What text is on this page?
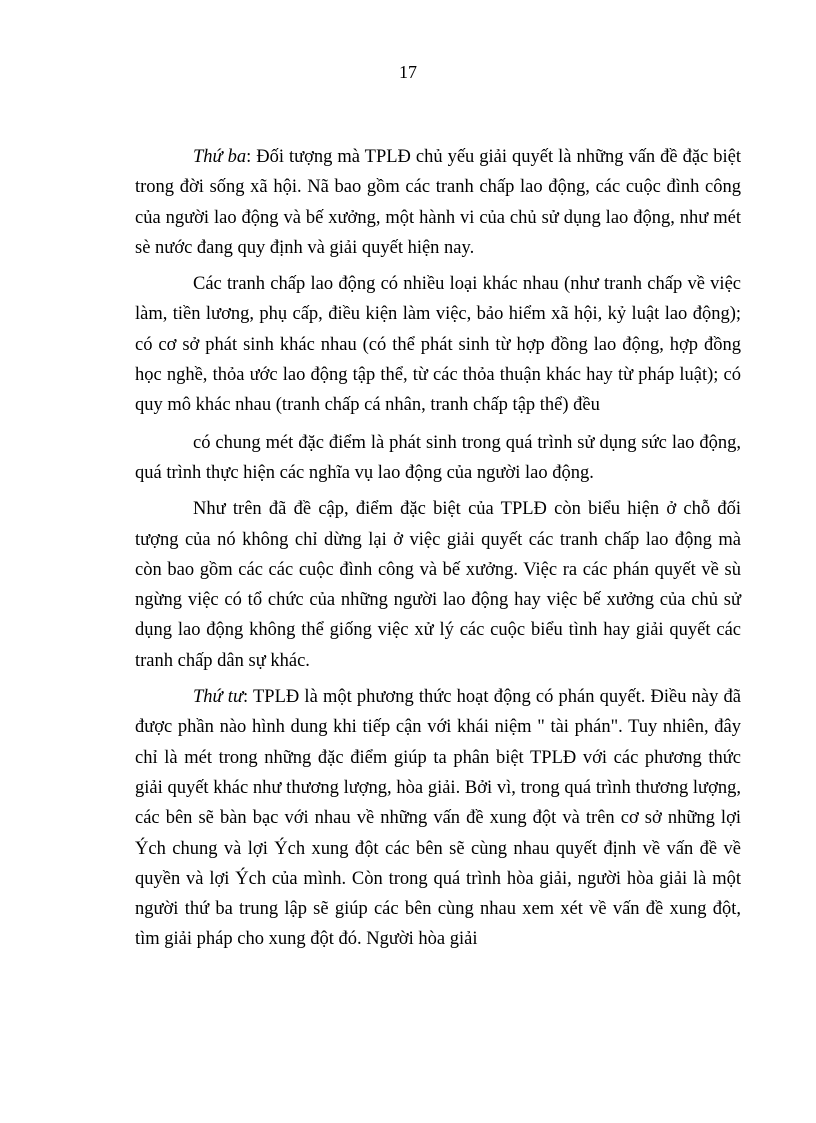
17

Thứ ba: Đối tượng mà TPLĐ chủ yếu giải quyết là những vấn đề đặc biệt trong đời sống xã hội. Nã bao gồm các tranh chấp lao động, các cuộc đình công của người lao động và bế xưởng, một hành vi của chủ sử dụng lao động, như mét sè nước đang quy định và giải quyết hiện nay.

Các tranh chấp lao động có nhiều loại khác nhau (như tranh chấp về việc làm, tiền lương, phụ cấp, điều kiện làm việc, bảo hiểm xã hội, kỷ luật lao động); có cơ sở phát sinh khác nhau (có thể phát sinh từ hợp đồng lao động, hợp đồng học nghề, thỏa ước lao động tập thể, từ các thỏa thuận khác hay từ pháp luật); có quy mô khác nhau (tranh chấp cá nhân, tranh chấp tập thể) đều

có chung mét đặc điểm là phát sinh trong quá trình sử dụng sức lao động, quá trình thực hiện các nghĩa vụ lao động của người lao động.

Như trên đã đề cập, điểm đặc biệt của TPLĐ còn biểu hiện ở chỗ đối tượng của nó không chỉ dừng lại ở việc giải quyết các tranh chấp lao động mà còn bao gồm các các cuộc đình công và bế xưởng. Việc ra các phán quyết về sù ngừng việc có tổ chức của những người lao động hay việc bế xưởng của chủ sử dụng lao động không thể giống việc xử lý các cuộc biểu tình hay giải quyết các tranh chấp dân sự khác.

Thứ tư: TPLĐ là một phương thức hoạt động có phán quyết. Điều này đã được phần nào hình dung khi tiếp cận với khái niệm " tài phán". Tuy nhiên, đây chỉ là mét trong những đặc điểm giúp ta phân biệt TPLĐ với các phương thức giải quyết khác như thương lượng, hòa giải. Bởi vì, trong quá trình thương lượng, các bên sẽ bàn bạc với nhau về những vấn đề xung đột và trên cơ sở những lợi Ých chung và lợi Ých xung đột các bên sẽ cùng nhau quyết định về vấn đề về quyền và lợi Ých của mình. Còn trong quá trình hòa giải, người hòa giải là một người thứ ba trung lập sẽ giúp các bên cùng nhau xem xét về vấn đề xung đột, tìm giải pháp cho xung đột đó. Người hòa giải
